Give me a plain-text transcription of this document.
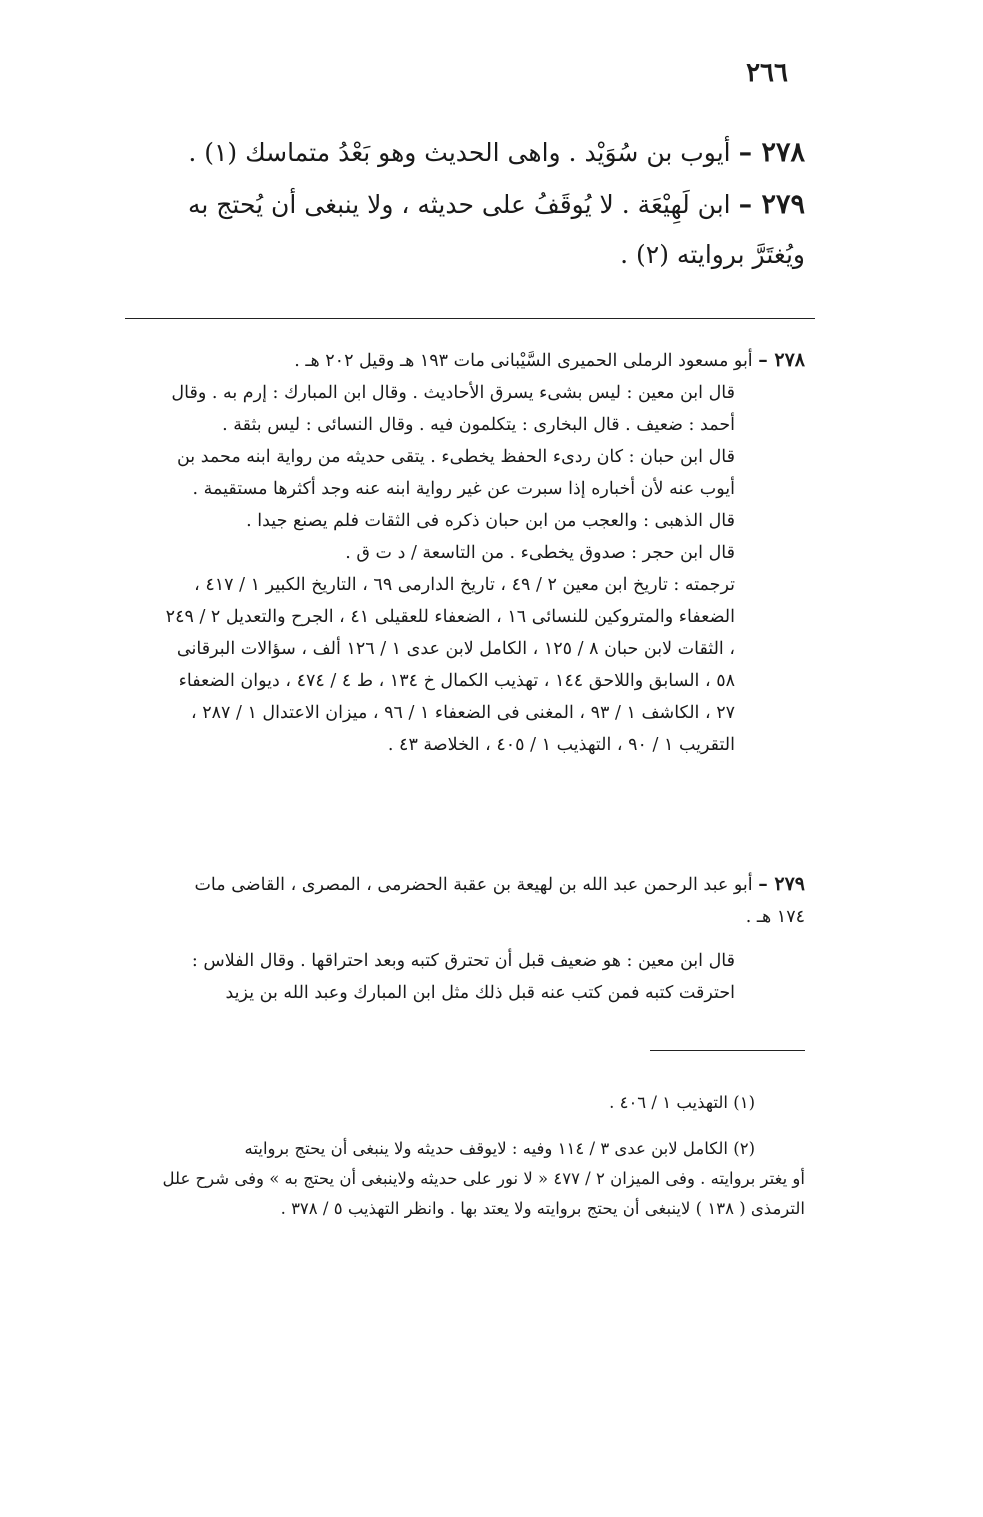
٢٦٦
٢٧٨ – أيوب بن سُوَيْد . واهى الحديث وهو بَعْدُ متماسك (١) .
٢٧٩ – ابن لَهِيْعَة . لا يُوقَفُ على حديثه ، ولا ينبغى أن يُحتج به ويُغتَرَّ بروايته (٢) .

٢٧٨ – أبو مسعود الرملى الحميرى السَّيْبانى مات ١٩٣ هـ وقيل ٢٠٢ هـ .

قال ابن معين : ليس بشىء يسرق الأحاديث . وقال ابن المبارك : إرم به . وقال أحمد : ضعيف . قال البخارى : يتكلمون فيه . وقال النسائى : ليس بثقة .

قال ابن حبان : كان ردىء الحفظ يخطىء . يتقى حديثه من رواية ابنه محمد بن أيوب عنه لأن أخباره إذا سبرت عن غير رواية ابنه عنه وجد أكثرها مستقيمة .

قال الذهبى : والعجب من ابن حبان ذكره فى الثقات فلم يصنع جيدا .

قال ابن حجر : صدوق يخطىء . من التاسعة / د ت ق .

ترجمته : تاريخ ابن معين ٢ / ٤٩ ، تاريخ الدارمى ٦٩ ، التاريخ الكبير ١ / ٤١٧ ، الضعفاء والمتروكين للنسائى ١٦ ، الضعفاء للعقيلى ٤١ ، الجرح والتعديل ٢ / ٢٤٩ ، الثقات لابن حبان ٨ / ١٢٥ ، الكامل لابن عدى ١ / ١٢٦ ألف ، سؤالات البرقانى ٥٨ ، السابق واللاحق ١٤٤ ، تهذيب الكمال خ ١٣٤ ، ط ٤ / ٤٧٤ ، ديوان الضعفاء ٢٧ ، الكاشف ١ / ٩٣ ، المغنى فى الضعفاء ١ / ٩٦ ، ميزان الاعتدال ١ / ٢٨٧ ، التقريب ١ / ٩٠ ، التهذيب ١ / ٤٠٥ ، الخلاصة ٤٣ .

٢٧٩ – أبو عبد الرحمن عبد الله بن لهيعة بن عقبة الحضرمى ، المصرى ، القاضى مات ١٧٤ هـ .

قال ابن معين : هو ضعيف قبل أن تحترق كتبه وبعد احتراقها . وقال الفلاس : احترقت كتبه فمن كتب عنه قبل ذلك مثل ابن المبارك وعبد الله بن يزيد

(١) التهذيب ١ / ٤٠٦ .

(٢) الكامل لابن عدى ٣ / ١١٤ وفيه : لايوقف حديثه ولا ينبغى أن يحتج بروايته

أو يغتر بروايته . وفى الميزان ٢ / ٤٧٧ « لا نور على حديثه ولاينبغى أن يحتج به » وفى شرح علل الترمذى ( ١٣٨ ) لاينبغى أن يحتج بروايته ولا يعتد بها . وانظر التهذيب ٥ / ٣٧٨ .
